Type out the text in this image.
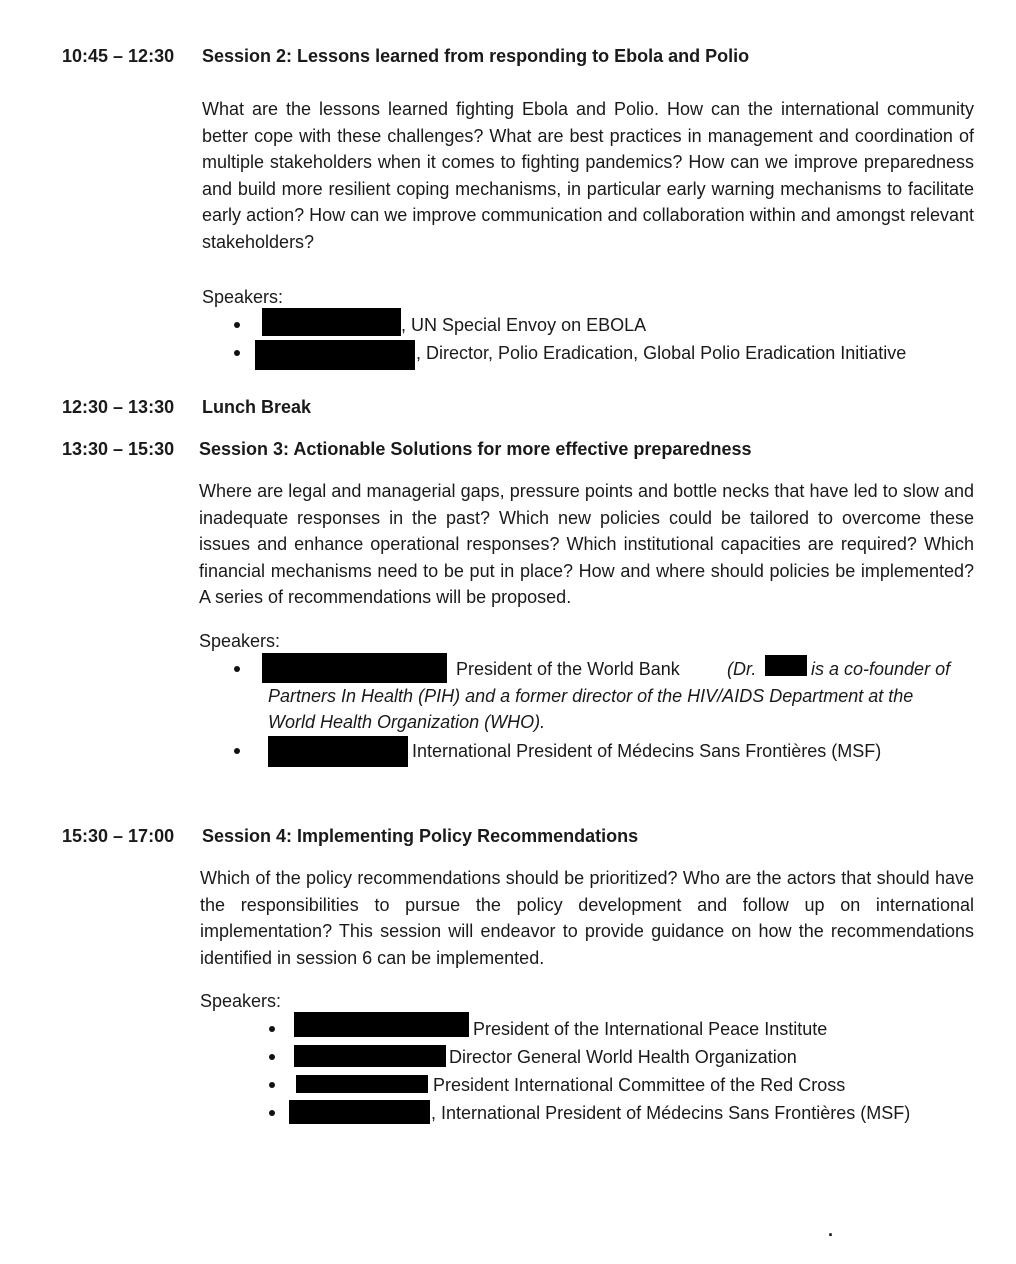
10:45 – 12:30 Session 2: Lessons learned from responding to Ebola and Polio
What are the lessons learned fighting Ebola and Polio. How can the international community better cope with these challenges? What are best practices in management and coordination of multiple stakeholders when it comes to fighting pandemics? How can we improve preparedness and build more resilient coping mechanisms, in particular early warning mechanisms to facilitate early action? How can we improve communication and collaboration within and amongst relevant stakeholders?
Speakers:
, UN Special Envoy on EBOLA
, Director, Polio Eradication, Global Polio Eradication Initiative
12:30 – 13:30 Lunch Break
13:30 – 15:30 Session 3: Actionable Solutions for more effective preparedness
Where are legal and managerial gaps, pressure points and bottle necks that have led to slow and inadequate responses in the past? Which new policies could be tailored to overcome these issues and enhance operational responses? Which institutional capacities are required? Which financial mechanisms need to be put in place? How and where should policies be implemented? A series of recommendations will be proposed.
Speakers:
President of the World Bank	(Dr.	is a co-founder of
Partners In Health (PIH) and a former director of the HIV/AIDS Department at the
World Health Organization (WHO).
International President of Médecins Sans Frontières (MSF)
15:30 – 17:00 Session 4: Implementing Policy Recommendations
Which of the policy recommendations should be prioritized? Who are the actors that should have the responsibilities to pursue the policy development and follow up on international implementation? This session will endeavor to provide guidance on how the recommendations identified in session 6 can be implemented.
Speakers:
President of the International Peace Institute
Director General World Health Organization
President International Committee of the Red Cross
, International President of Médecins Sans Frontières (MSF)
.
